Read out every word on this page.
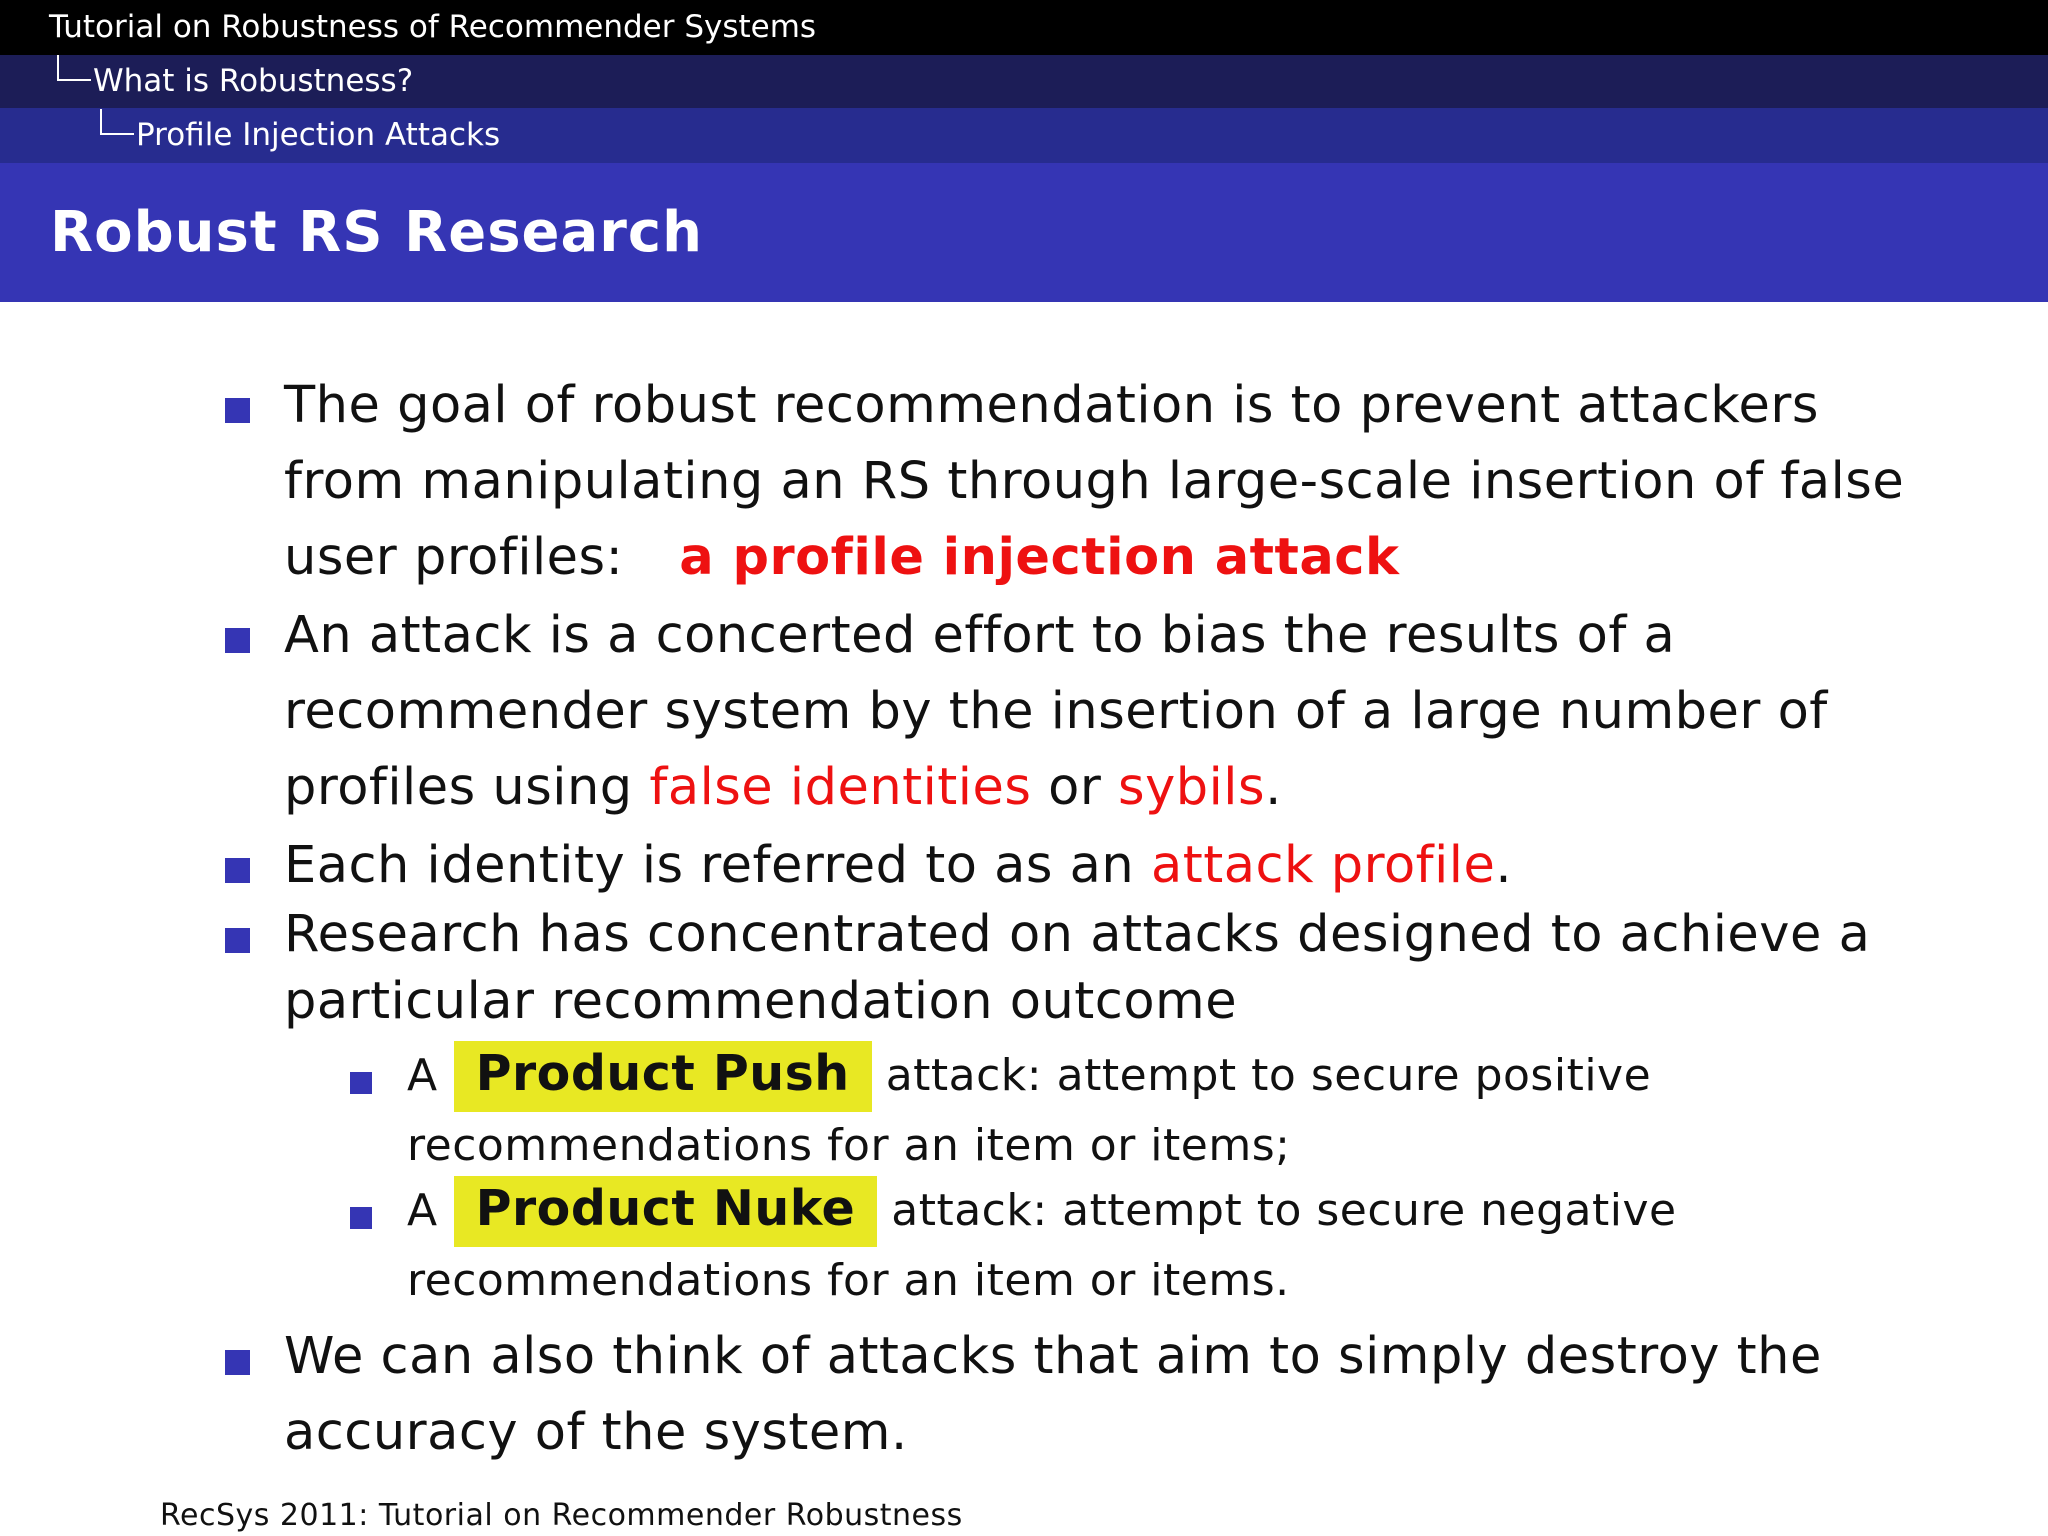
Tutorial on Robustness of Recommender Systems
What is Robustness?
Profile Injection Attacks
Robust RS Research
The goal of robust recommendation is to prevent attackers
from manipulating an RS through large-scale insertion of false
user profiles: a profile injection attack
An attack is a concerted effort to bias the results of a
recommender system by the insertion of a large number of
profiles using false identities or sybils.
Each identity is referred to as an attack profile.
Research has concentrated on attacks designed to achieve a
particular recommendation outcome
A Product Push attack: attempt to secure positive
recommendations for an item or items;
A Product Nuke attack: attempt to secure negative
recommendations for an item or items.
We can also think of attacks that aim to simply destroy the
accuracy of the system.
RecSys 2011: Tutorial on Recommender Robustness
